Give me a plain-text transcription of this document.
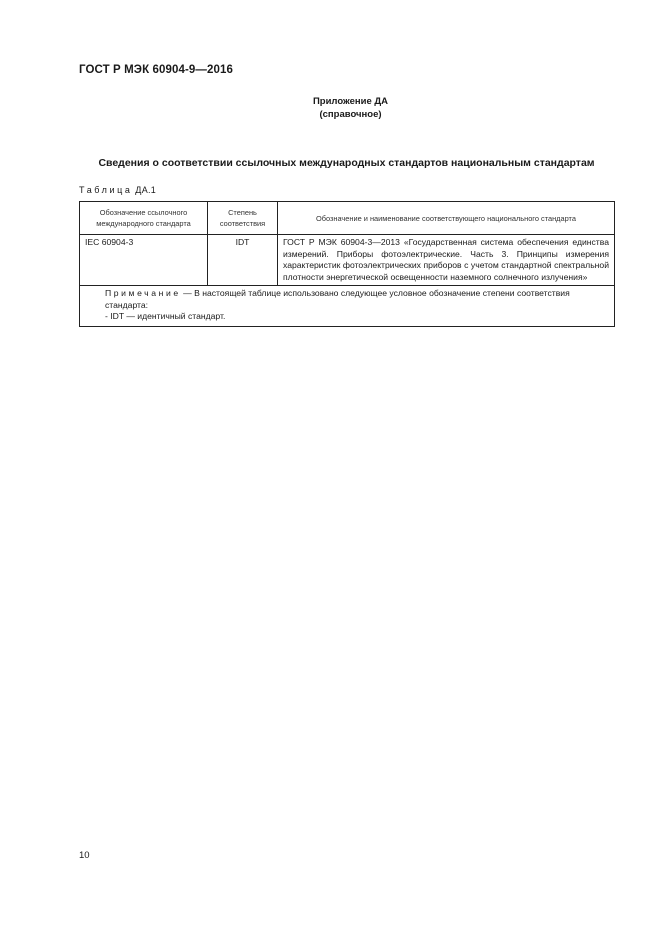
ГОСТ Р МЭК 60904-9—2016
Приложение ДА
(справочное)
Сведения о соответствии ссылочных международных стандартов национальным стандартам
Таблица ДА.1
Обозначение ссылочного международного стандарта	Степень соответствия	Обозначение и наименование соответствующего национального стандарта
IEC 60904-3	IDT	ГОСТ Р МЭК 60904-3—2013 «Государственная система обеспечения единства измерений. Приборы фотоэлектрические. Часть 3. Принципы измерения характеристик фотоэлектрических приборов с учетом стандартной спектральной плотности энергетической освещенности наземного солнечного излучения»

Примечание — В настоящей таблице использовано следующее условное обозначение степени соответствия стандарта:
- IDT — идентичный стандарт.		
10
